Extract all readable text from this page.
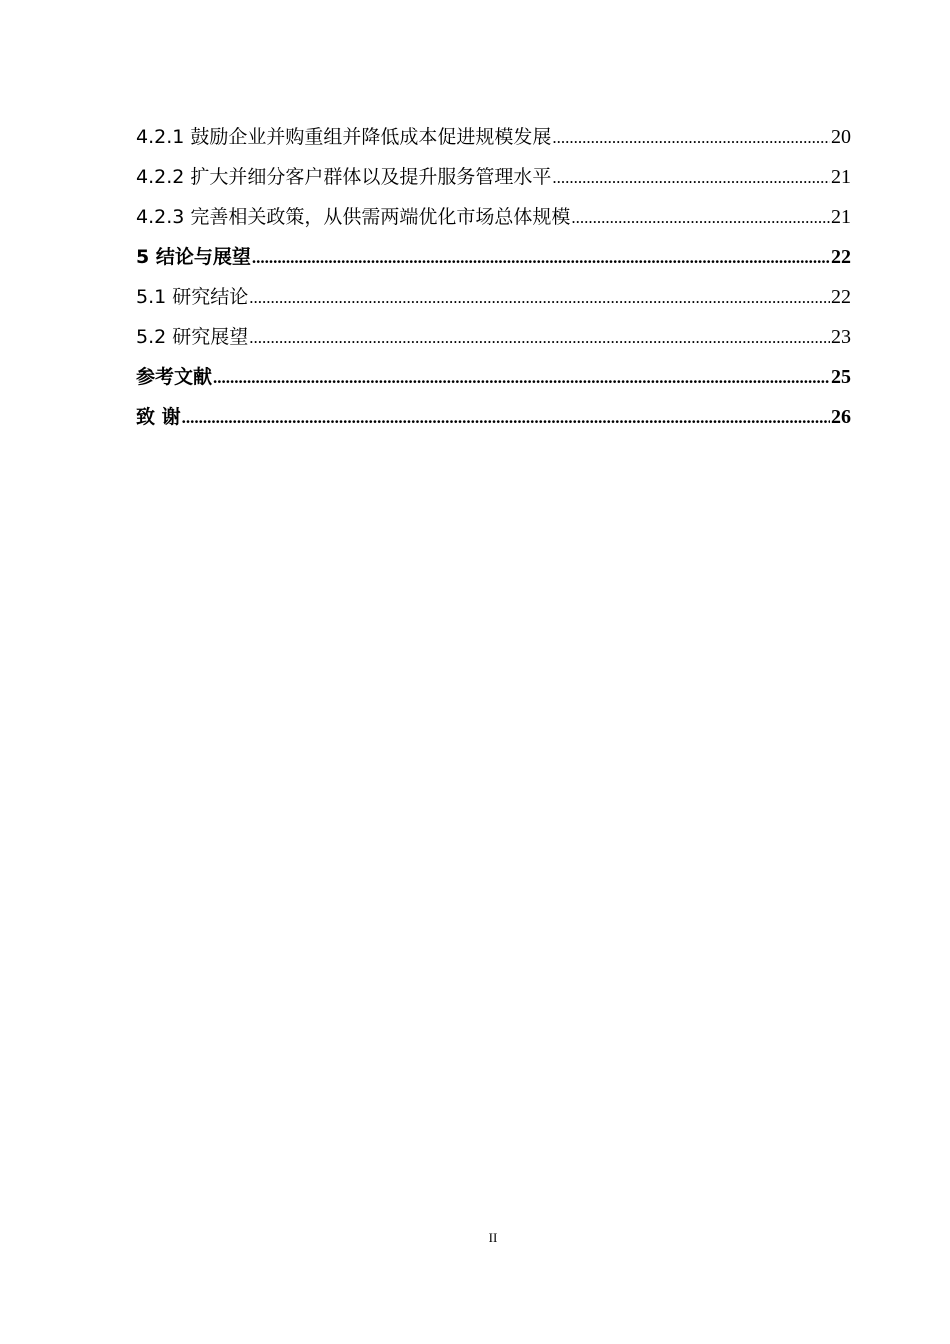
4.2.1 鼓励企业并购重组并降低成本促进规模发展 .....	20
4.2.2 扩大并细分客户群体以及提升服务管理水平 .....	21
4.2.3 完善相关政策，从供需两端优化市场总体规模 .....	21
5 结论与展望 .....	22
5.1 研究结论 .....	22
5.2 研究展望 .....	23
参考文献 .....	25
致 谢 .....	26
II
